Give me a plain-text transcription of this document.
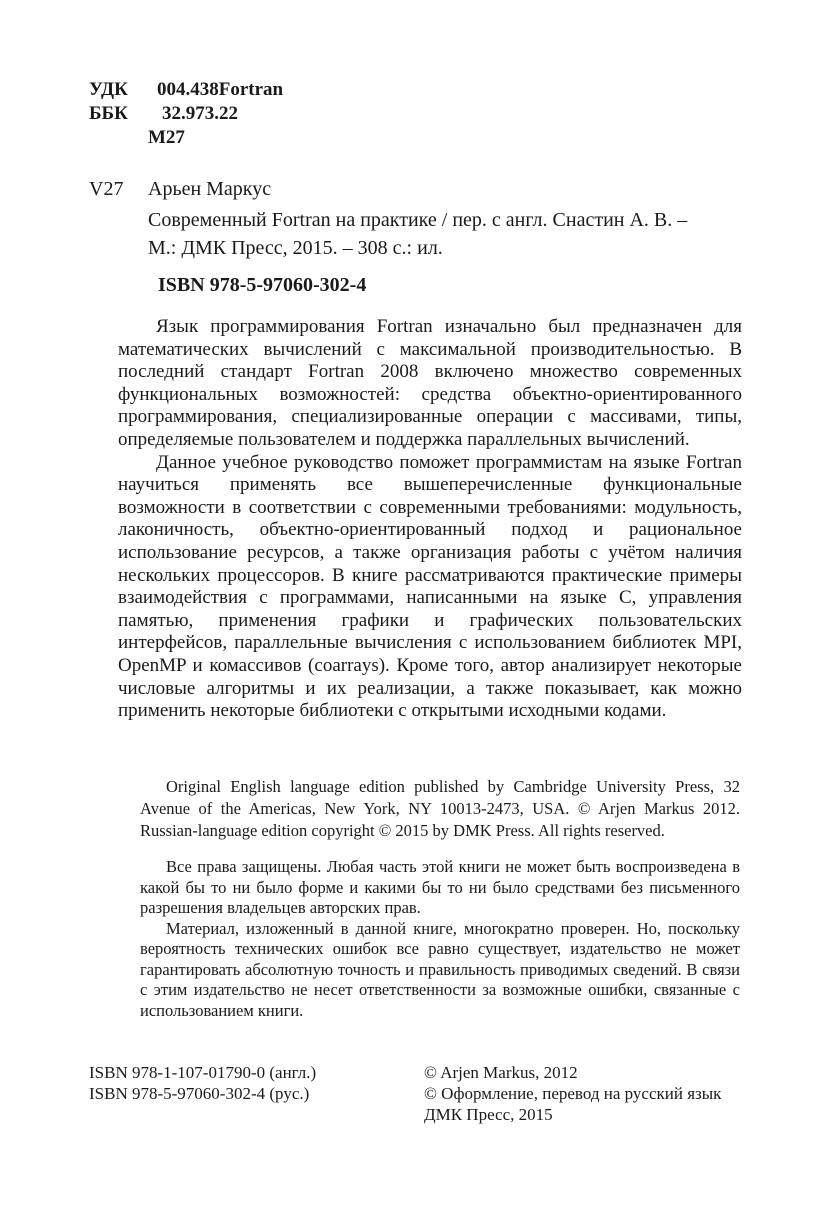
УДК 004.438Fortran
ББК 32.973.22
М27
V27 Арьен Маркус
Современный Fortran на практике / пер. с англ. Снастин А. В. –
М.: ДМК Пресс, 2015. – 308 с.: ил.
ISBN 978-5-97060-302-4

Язык программирования Fortran изначально был предназначен для математических вычислений с максимальной производительностью. В последний стандарт Fortran 2008 включено множество современных функциональных возможностей: средства объектно-ориентированного программирования, специализированные операции с массивами, типы, определяемые пользователем и поддержка параллельных вычислений.

Данное учебное руководство поможет программистам на языке Fortran научиться применять все вышеперечисленные функциональные возможности в соответствии с современными требованиями: модульность, лаконичность, объектно-ориентированный подход и рациональное использование ресурсов, а также организация работы с учётом наличия нескольких процессоров. В книге рассматриваются практические примеры взаимодействия с программами, написанными на языке С, управления памятью, применения графики и графических пользовательских интерфейсов, параллельные вычисления с использованием библиотек MPI, OpenMP и комассивов (coarrays). Кроме того, автор анализирует некоторые числовые алгоритмы и их реализации, а также показывает, как можно применить некоторые библиотеки с открытыми исходными кодами.

Original English language edition published by Cambridge University Press, 32 Avenue of the Americas, New York, NY 10013-2473, USA. © Arjen Markus 2012. Russian-language edition copyright © 2015 by DMK Press. All rights reserved.

Все права защищены. Любая часть этой книги не может быть воспроизведена в какой бы то ни было форме и какими бы то ни было средствами без письменного разрешения владельцев авторских прав.

Материал, изложенный в данной книге, многократно проверен. Но, поскольку вероятность технических ошибок все равно существует, издательство не может гарантировать абсолютную точность и правильность приводимых сведений. В связи с этим издательство не несет ответственности за возможные ошибки, связанные с использованием книги.

ISBN 978-1-107-01790-0 (англ.)
ISBN 978-5-97060-302-4 (рус.)
© Arjen Markus, 2012
© Оформление, перевод на русский язык
ДМК Пресс, 2015
